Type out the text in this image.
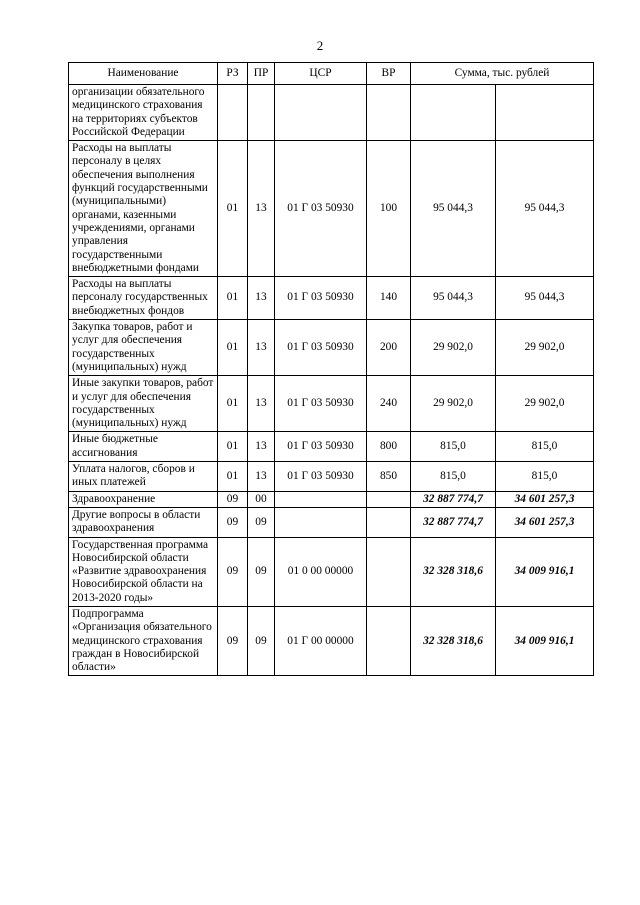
2
Наименование	РЗ	ПР	ЦСР	ВР	Сумма, тыс. рублей	
организации обязательного медицинского страхования на территориях субъектов Российской Федерации						
Расходы на выплаты персоналу в целях обеспечения выполнения функций государственными (муниципальными) органами, казенными учреждениями, органами управления государственными внебюджетными фондами	01	13	01 Г 03 50930	100	95 044,3	95 044,3
Расходы на выплаты персоналу государственных внебюджетных фондов	01	13	01 Г 03 50930	140	95 044,3	95 044,3
Закупка товаров, работ и услуг для обеспечения государственных (муниципальных) нужд	01	13	01 Г 03 50930	200	29 902,0	29 902,0
Иные закупки товаров, работ и услуг для обеспечения государственных (муниципальных) нужд	01	13	01 Г 03 50930	240	29 902,0	29 902,0
Иные бюджетные ассигнования	01	13	01 Г 03 50930	800	815,0	815,0
Уплата налогов, сборов и иных платежей	01	13	01 Г 03 50930	850	815,0	815,0
Здравоохранение	09	00			32 887 774,7	34 601 257,3
Другие вопросы в области здравоохранения	09	09			32 887 774,7	34 601 257,3
Государственная программа Новосибирской области «Развитие здравоохранения Новосибирской области на 2013-2020 годы»	09	09	01 0 00 00000		32 328 318,6	34 009 916,1
Подпрограмма «Организация обязательного медицинского страхования граждан в Новосибирской области»	09	09	01 Г 00 00000		32 328 318,6	34 009 916,1
